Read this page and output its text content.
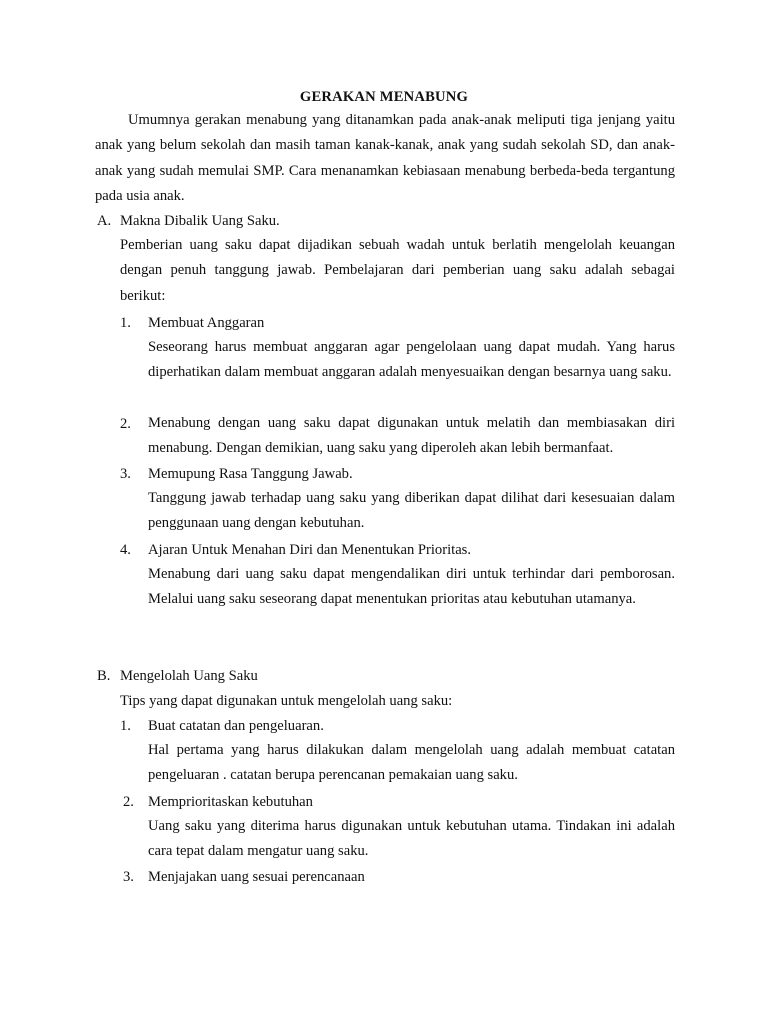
GERAKAN MENABUNG

Umumnya gerakan menabung yang ditanamkan pada anak-anak meliputi tiga jenjang yaitu anak yang belum sekolah dan masih taman kanak-kanak, anak yang sudah sekolah SD, dan anak-anak yang sudah memulai SMP. Cara menanamkan kebiasaan menabung berbeda-beda tergantung pada usia anak.

A. Makna Dibalik Uang Saku.

Pemberian uang saku dapat dijadikan sebuah wadah untuk berlatih mengelolah keuangan dengan penuh tanggung jawab. Pembelajaran dari pemberian uang saku adalah sebagai berikut:

1. Membuat Anggaran

Seseorang harus membuat anggaran agar pengelolaan uang dapat mudah. Yang harus diperhatikan dalam membuat anggaran adalah menyesuaikan dengan besarnya uang saku.

2. Menabung dengan uang saku dapat digunakan untuk melatih dan membiasakan diri menabung. Dengan demikian, uang saku yang diperoleh akan lebih bermanfaat.

3. Memupung Rasa Tanggung Jawab.

Tanggung jawab terhadap uang saku yang diberikan dapat dilihat dari kesesuaian dalam penggunaan uang dengan kebutuhan.

4. Ajaran Untuk Menahan Diri dan Menentukan Prioritas.

Menabung dari uang saku dapat mengendalikan diri untuk terhindar dari pemborosan. Melalui uang saku seseorang dapat menentukan prioritas atau kebutuhan utamanya.

B. Mengelolah Uang Saku
Tips yang dapat digunakan untuk mengelolah uang saku:
1. Buat catatan dan pengeluaran.

Hal pertama yang harus dilakukan dalam mengelolah uang adalah membuat catatan pengeluaran . catatan berupa perencanan pemakaian uang saku.

2. Memprioritaskan kebutuhan

Uang saku yang diterima harus digunakan untuk kebutuhan utama. Tindakan ini adalah cara tepat dalam mengatur uang saku.

3. Menjajakan uang sesuai perencanaan
